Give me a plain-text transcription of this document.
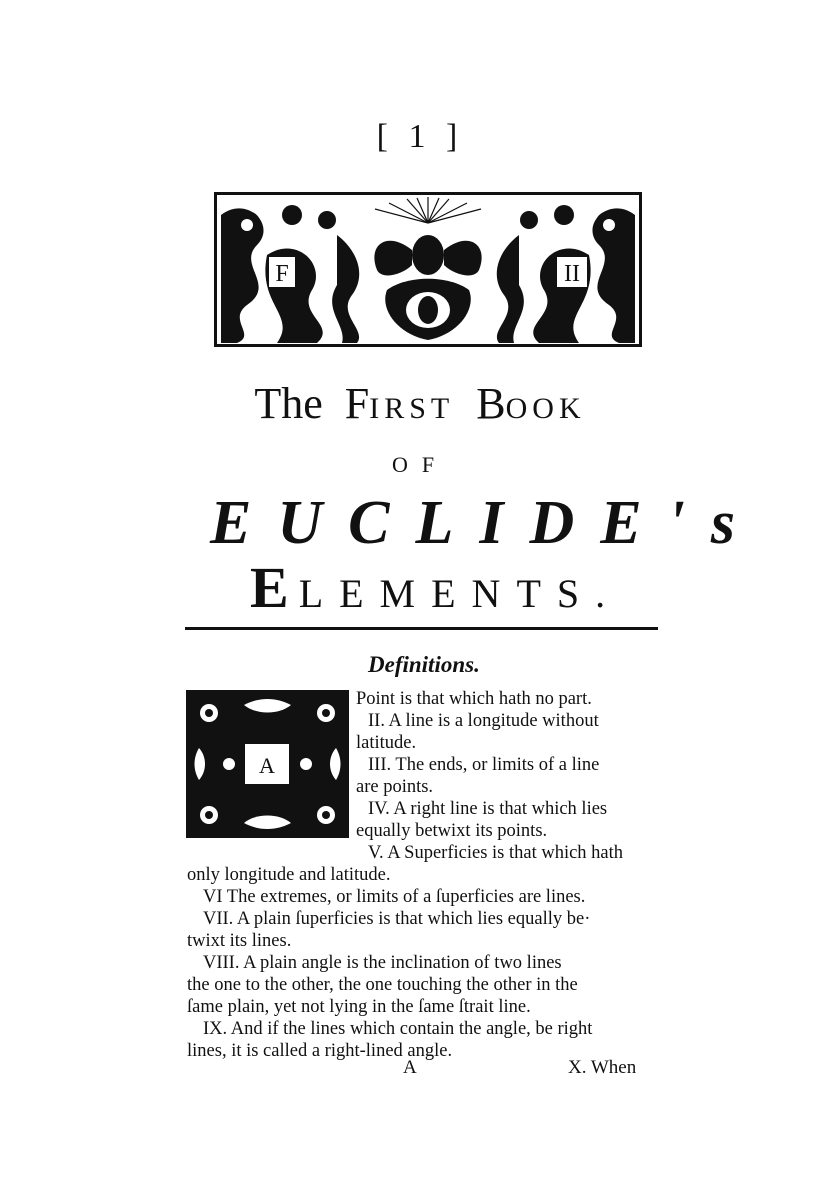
[ 1 ]
F	II
The FIRST BOOK
OF
EUCLIDE's
ELEMENTS.
Definitions.
A
Point is that which hath no part.
II. A line is a longitude without
latitude.
III. The ends, or limits of a line
are points.
IV. A right line is that which lies
equally betwixt its points.
V. A Superficies is that which hath
only longitude and latitude.
VI The extremes, or limits of a ſuperficies are lines.
VII. A plain ſuperficies is that which lies equally be·
twixt its lines.
VIII. A plain angle is the inclination of two lines
the one to the other, the one touching the other in the
ſame plain, yet not lying in the ſame ſtrait line.
IX. And if the lines which contain the angle, be right
lines, it is called a right-lined angle.
A	X. When
